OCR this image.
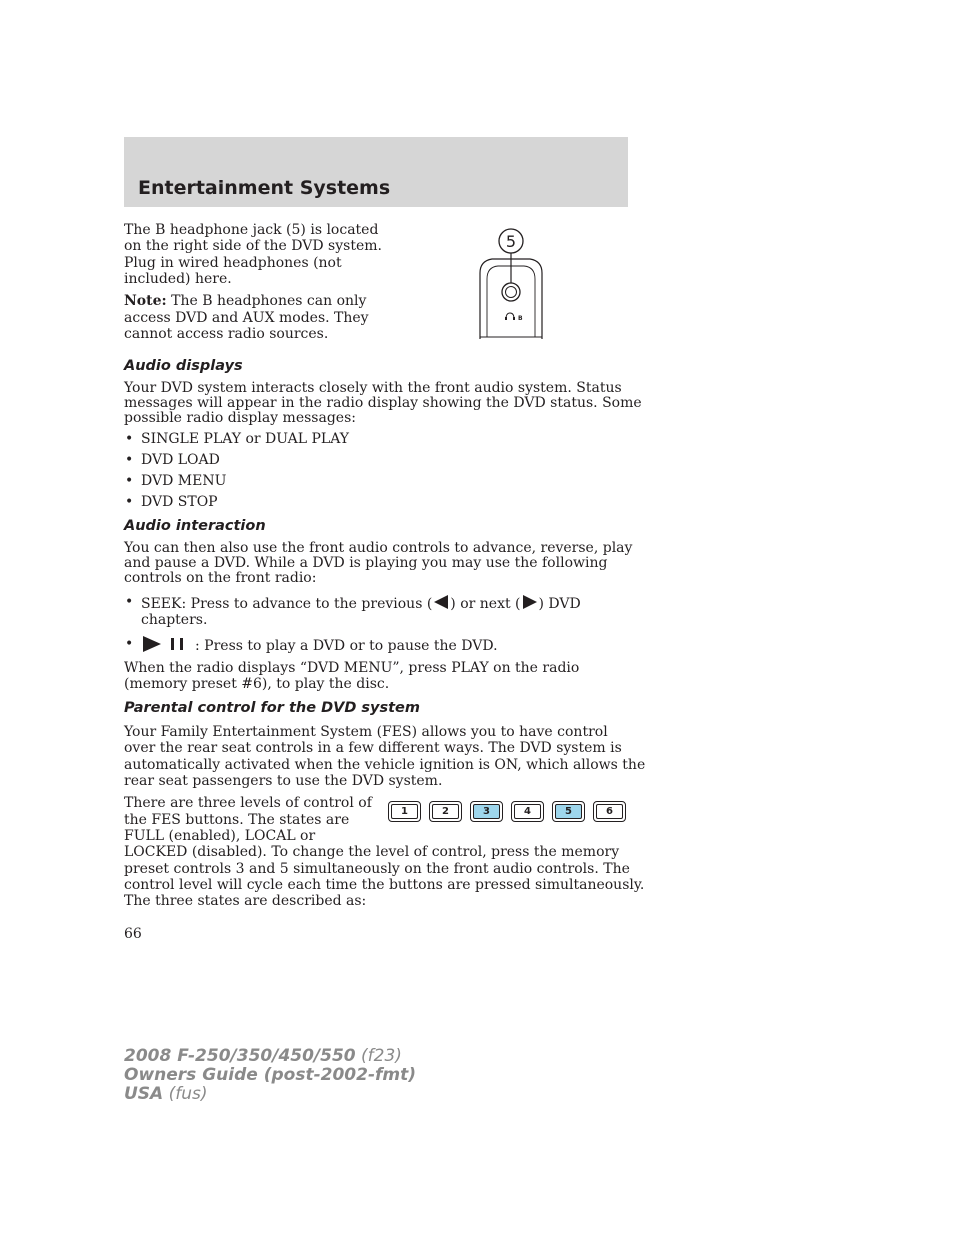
Entertainment Systems

The B headphone jack (5) is located

on the right side of the DVD system.

Plug in wired headphones (not

included) here.

Note: The B headphones can only

access DVD and AUX modes. They

cannot access radio sources.

5
B
Audio displays

Your DVD system interacts closely with the front audio system. Status

messages will appear in the radio display showing the DVD status. Some

possible radio display messages:

• SINGLE PLAY or DUAL PLAY
• DVD LOAD
• DVD MENU
• DVD STOP
Audio interaction

You can then also use the front audio controls to advance, reverse, play

and pause a DVD. While a DVD is playing you may use the following

controls on the front radio:

• SEEK: Press to advance to the previous ( ) or next ( ) DVD

chapters.

•	: Press to play a DVD or to pause the DVD.

When the radio displays “DVD MENU”, press PLAY on the radio

(memory preset #6), to play the disc.

Parental control for the DVD system

Your Family Entertainment System (FES) allows you to have control

over the rear seat controls in a few different ways. The DVD system is

automatically activated when the vehicle ignition is ON, which allows the

rear seat passengers to use the DVD system.

There are three levels of control of

the FES buttons. The states are

FULL (enabled), LOCAL or

LOCKED (disabled). To change the level of control, press the memory

preset controls 3 and 5 simultaneously on the front audio controls. The

control level will cycle each time the buttons are pressed simultaneously.

The three states are described as:

1	2	3	4	5	6

66

2008 F-250/350/450/550 (f23)
Owners Guide (post-2002-fmt)
USA (fus)
